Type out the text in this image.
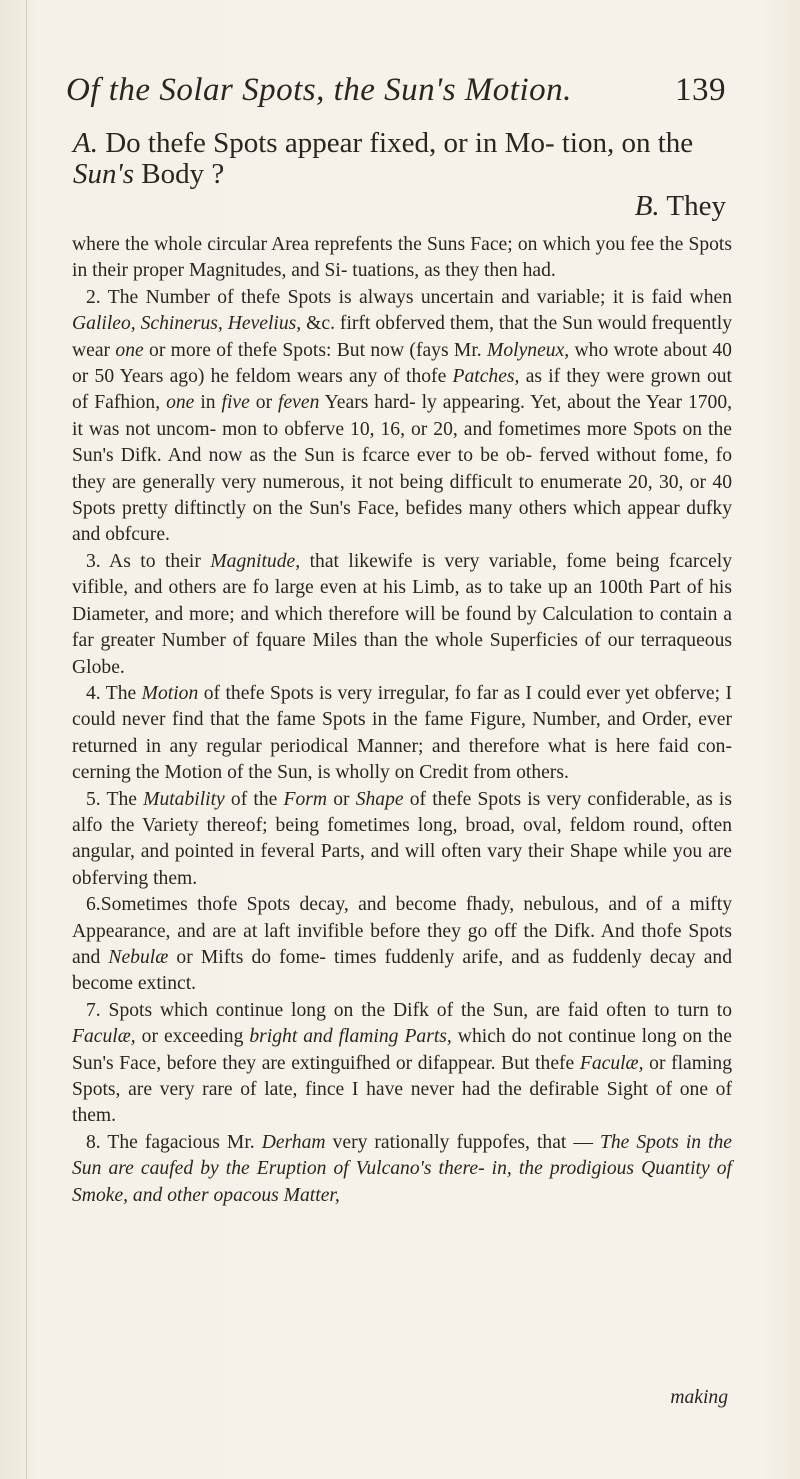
Of the Solar Spots, the Sun's Motion.	139
A. Do thefe Spots appear fixed, or in Mo- tion, on the Sun's Body ?
B. They

where the whole circular Area reprefents the Suns Face; on which you fee the Spots in their proper Magnitudes, and Si- tuations, as they then had.

2. The Number of thefe Spots is always uncertain and variable; it is faid when Galileo, Schinerus, Hevelius, &c. firft obferved them, that the Sun would frequently wear one or more of thefe Spots: But now (fays Mr. Molyneux, who wrote about 40 or 50 Years ago) he feldom wears any of thofe Patches, as if they were grown out of Fafhion, one in five or feven Years hard- ly appearing. Yet, about the Year 1700, it was not uncom- mon to obferve 10, 16, or 20, and fometimes more Spots on the Sun's Difk. And now as the Sun is fcarce ever to be ob- ferved without fome, fo they are generally very numerous, it not being difficult to enumerate 20, 30, or 40 Spots pretty diftinctly on the Sun's Face, befides many others which appear dufky and obfcure.

3. As to their Magnitude, that likewife is very variable, fome being fcarcely vifible, and others are fo large even at his Limb, as to take up an 100th Part of his Diameter, and more; and which therefore will be found by Calculation to contain a far greater Number of fquare Miles than the whole Superficies of our terraqueous Globe.

4. The Motion of thefe Spots is very irregular, fo far as I could ever yet obferve; I could never find that the fame Spots in the fame Figure, Number, and Order, ever returned in any regular periodical Manner; and therefore what is here faid con- cerning the Motion of the Sun, is wholly on Credit from others.

5. The Mutability of the Form or Shape of thefe Spots is very confiderable, as is alfo the Variety thereof; being fometimes long, broad, oval, feldom round, often angular, and pointed in feveral Parts, and will often vary their Shape while you are obferving them.

6.Sometimes thofe Spots decay, and become fhady, nebulous, and of a mifty Appearance, and are at laft invifible before they go off the Difk. And thofe Spots and Nebulæ or Mifts do fome- times fuddenly arife, and as fuddenly decay and become extinct.

7. Spots which continue long on the Difk of the Sun, are faid often to turn to Faculæ, or exceeding bright and flaming Parts, which do not continue long on the Sun's Face, before they are extinguifhed or difappear. But thefe Faculæ, or flaming Spots, are very rare of late, fince I have never had the defirable Sight of one of them.

8. The fagacious Mr. Derham very rationally fuppofes, that — The Spots in the Sun are caufed by the Eruption of Vulcano's there- in, the prodigious Quantity of Smoke, and other opacous Matter,

making
